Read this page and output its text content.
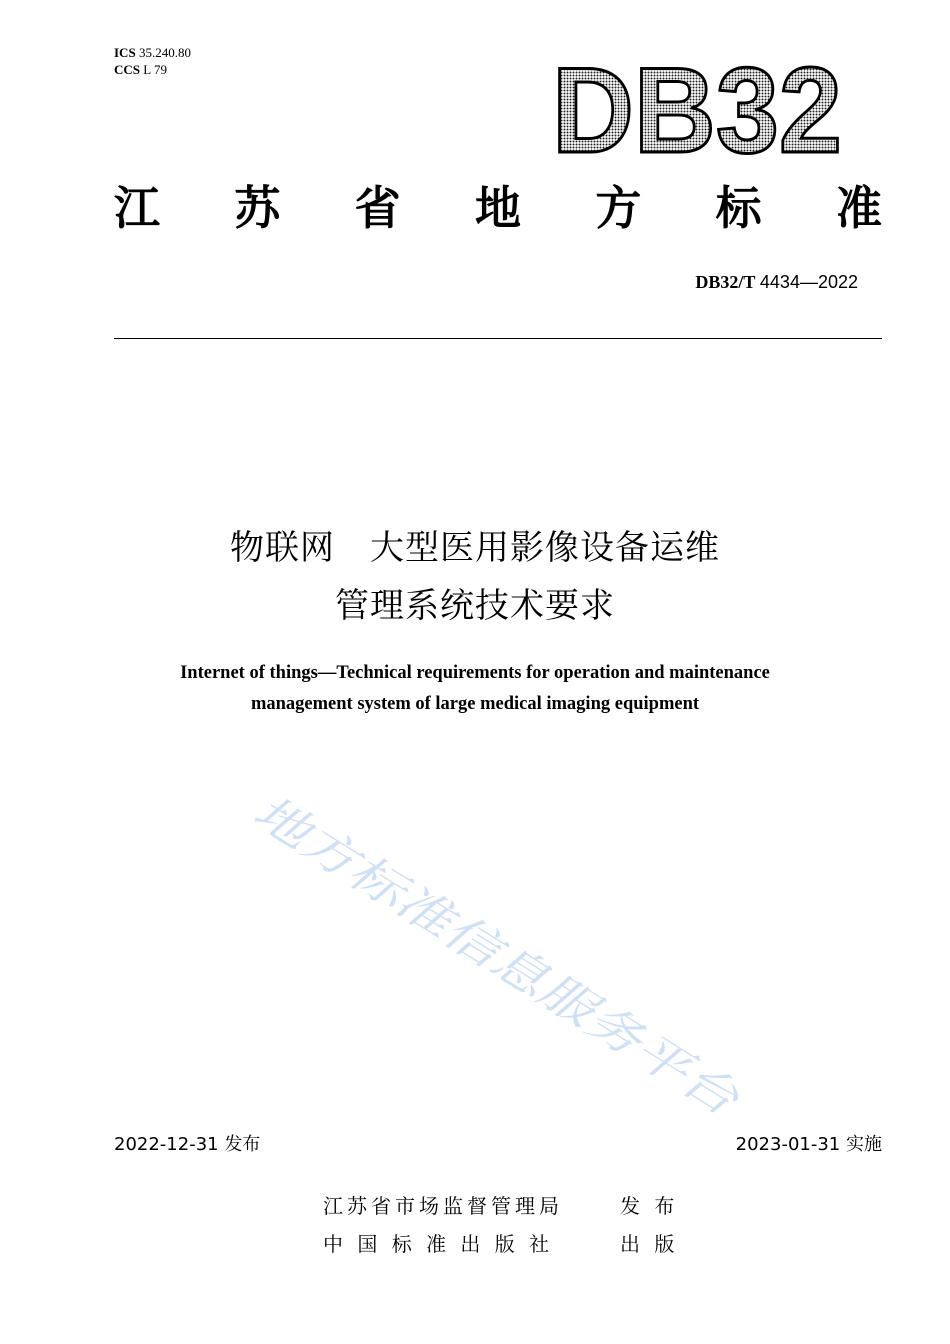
ICS 35.240.80
CCS L 79	DB32
江 苏 省 地 方 标 准
DB32/T 4434—2022
物联网　大型医用影像设备运维
管理系统技术要求
Internet of things—Technical requirements for operation and maintenance
management system of large medical imaging equipment
地方标准信息服务平台
2022-12-31 发布	2023-01-31 实施
江苏省市场监督管理局	发 布
中 国 标 准 出 版 社	出 版
